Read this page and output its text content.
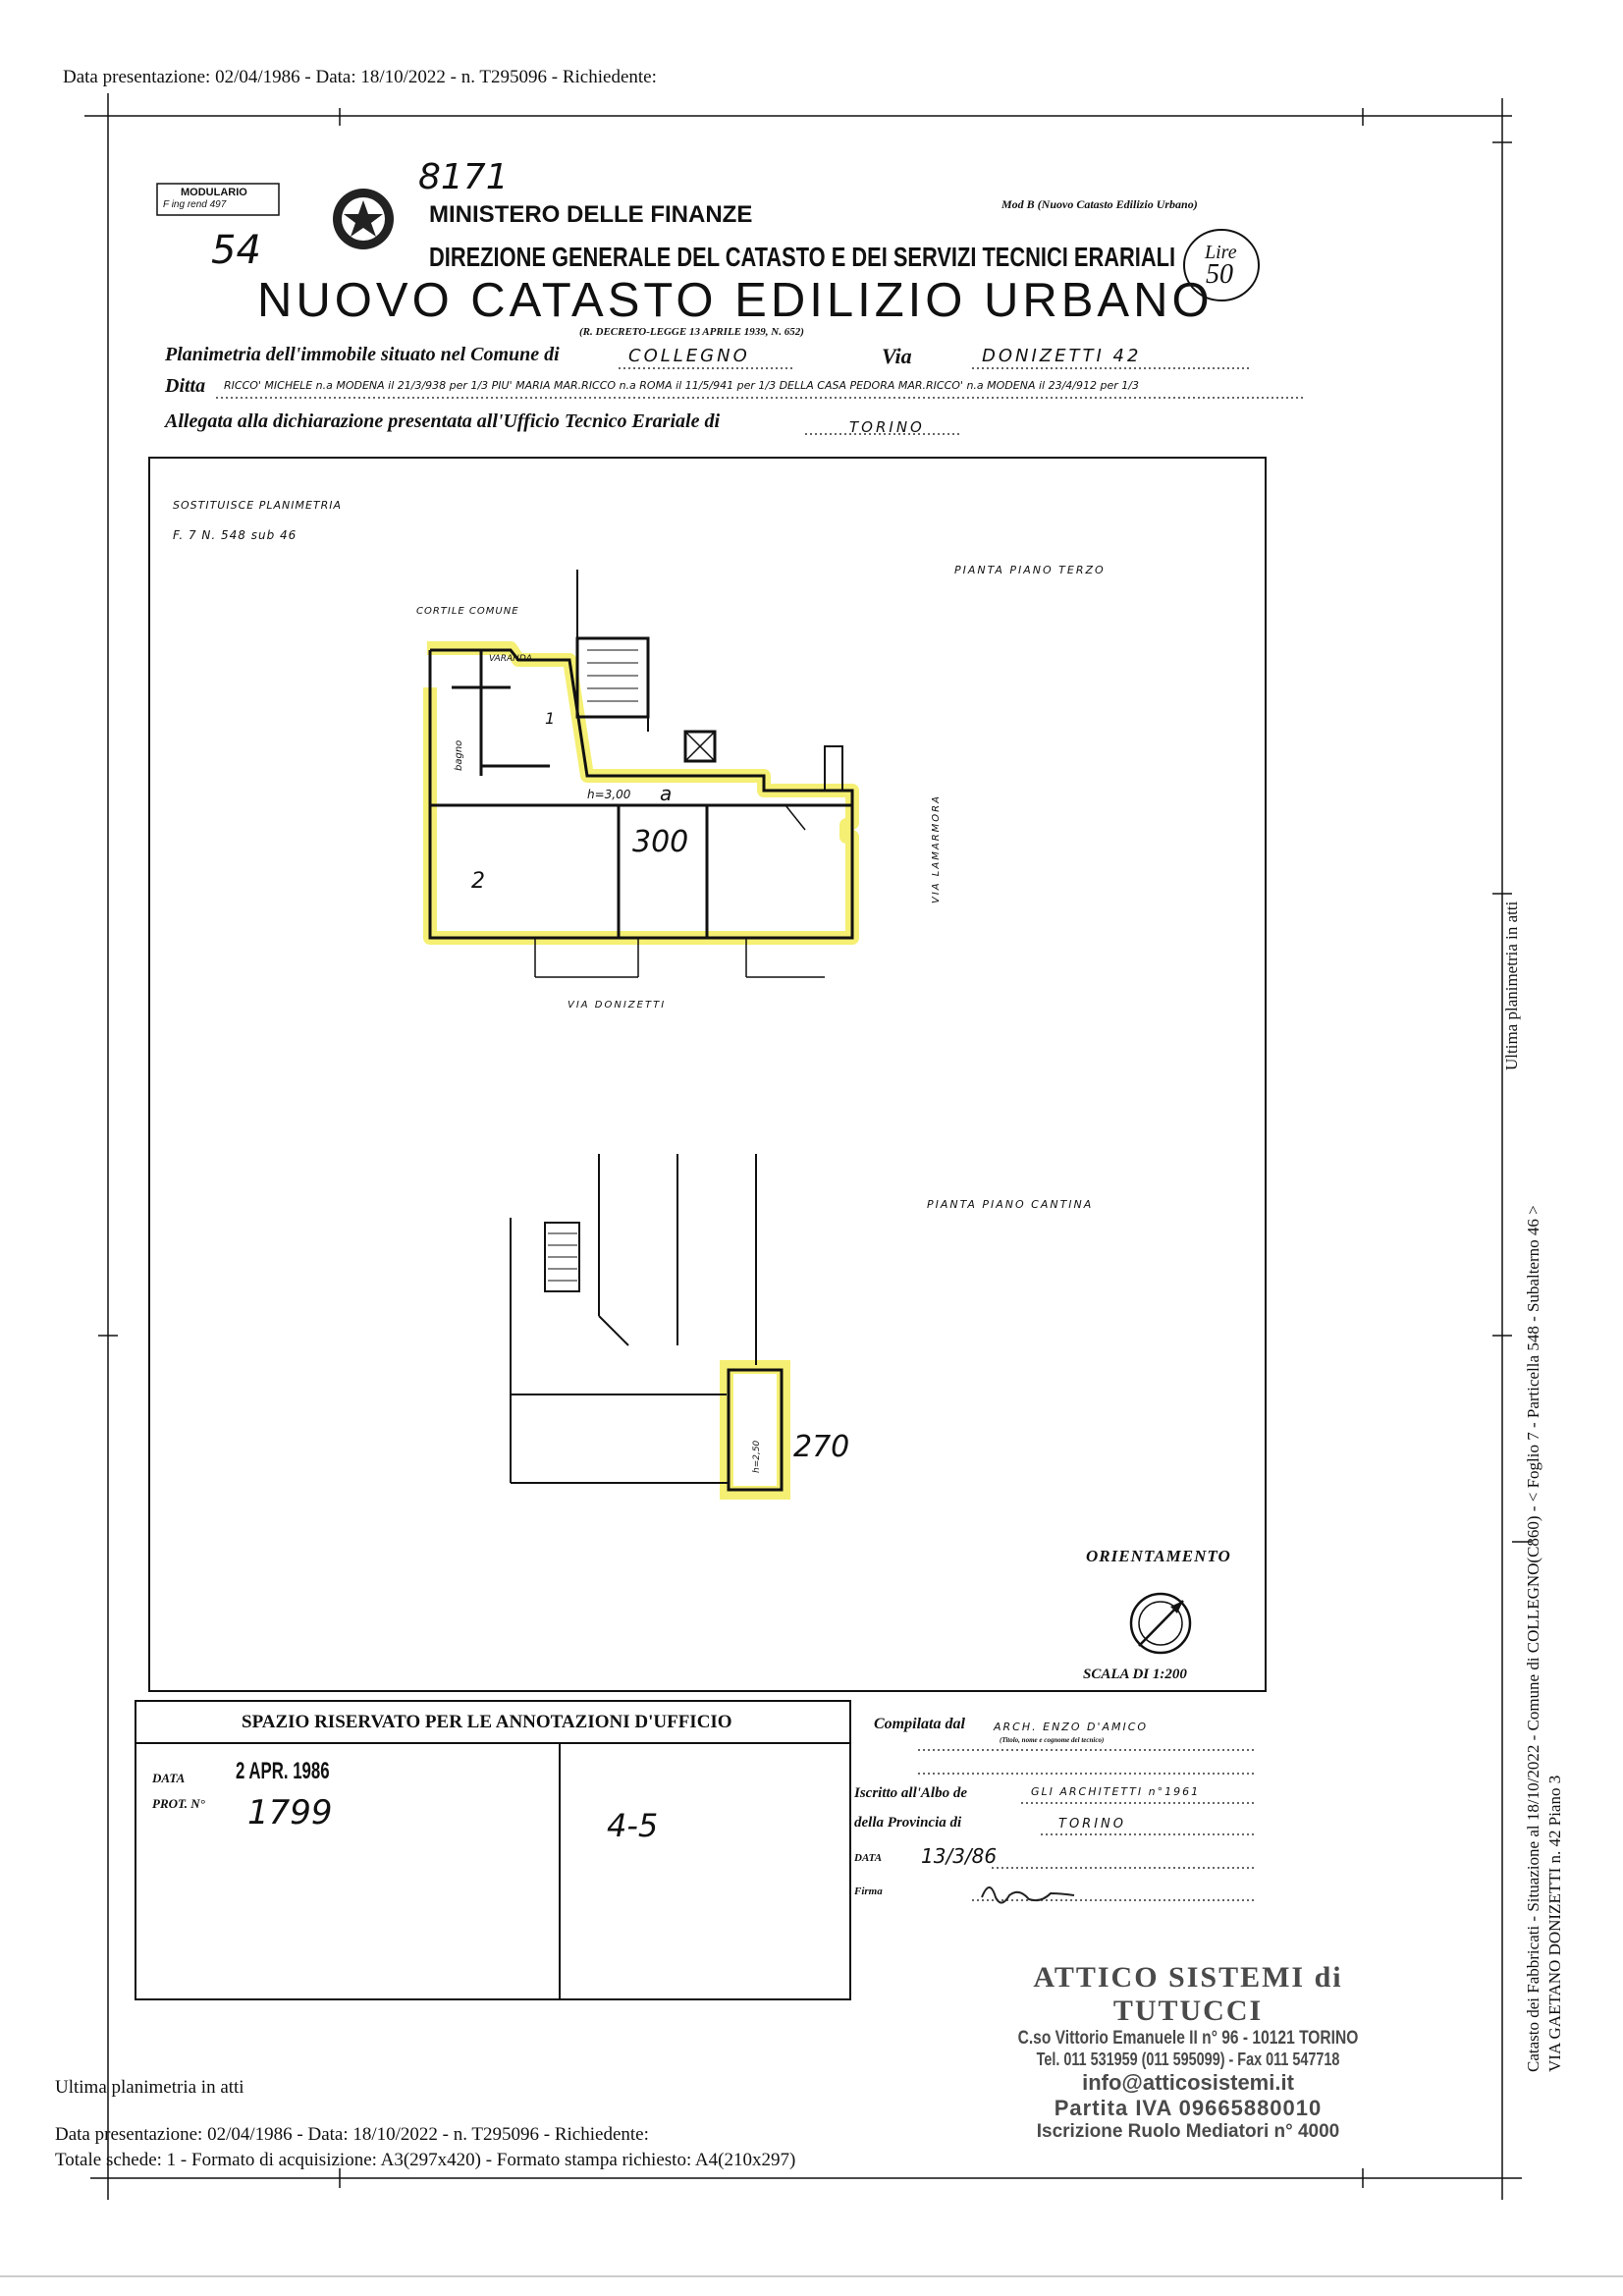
Data presentazione: 02/04/1986 - Data: 18/10/2022 - n. T295096 - Richiedente:
MODULARIO
F ing rend 497
8171
54
MINISTERO DELLE FINANZE	Mod B (Nuovo Catasto Edilizio Urbano)
DIREZIONE GENERALE DEL CATASTO E DEI SERVIZI TECNICI ERARIALI Lire
50
NUOVO CATASTO EDILIZIO URBANO
(R. DECRETO-LEGGE 13 APRILE 1939, N. 652)
Planimetria dell'immobile situato nel Comune di	COLLEGNO	Via	DONIZETTI 42
Ditta RICCO' MICHELE n.a MODENA il 21/3/938 per 1/3 PIU' MARIA MAR.RICCO n.a ROMA il 11/5/941 per 1/3 DELLA CASA PEDORA MAR.RICCO' n.a MODENA il 23/4/912 per 1/3
Allegata alla dichiarazione presentata all'Ufficio Tecnico Erariale di	TORINO
SOSTITUISCE PLANIMETRIA
F. 7 N. 548 sub 46
PIANTA PIANO TERZO
CORTILE COMUNE
VARANDA
bagno
1
h=3,00 a
300
2	VIA LAMARMORA
VIA DONIZETTI
PIANTA PIANO CANTINA
h=2,50 270
ORIENTAMENTO
SCALA DI 1:200
SPAZIO RISERVATO PER LE ANNOTAZIONI D'UFFICIO
DATA 2 APR. 1986
PROT. N° 1799	4-5
Compilata dal	ARCH. ENZO D'AMICO
(Titolo, nome e cognome del tecnico)
Iscritto all'Albo de	GLI ARCHITETTI n°1961
della Provincia di	TORINO
DATA 13/3/86
Firma
ATTICO SISTEMI di TUTUCCI
C.so Vittorio Emanuele II n° 96 - 10121 TORINO
Tel. 011 531959 (011 595099) - Fax 011 547718
info@atticosistemi.it
Partita IVA 09665880010
Iscrizione Ruolo Mediatori n° 4000
Catasto dei Fabbricati - Situazione al 18/10/2022 - Comune di COLLEGNO(C860) - < Foglio 7 - Particella 548 - Subalterno 46 > VIA GAETANO DONIZETTI n. 42 Piano 3
Ultima planimetria in atti
Ultima planimetria in atti
Data presentazione: 02/04/1986 - Data: 18/10/2022 - n. T295096 - Richiedente:
Totale schede: 1 - Formato di acquisizione: A3(297x420) - Formato stampa richiesto: A4(210x297)
